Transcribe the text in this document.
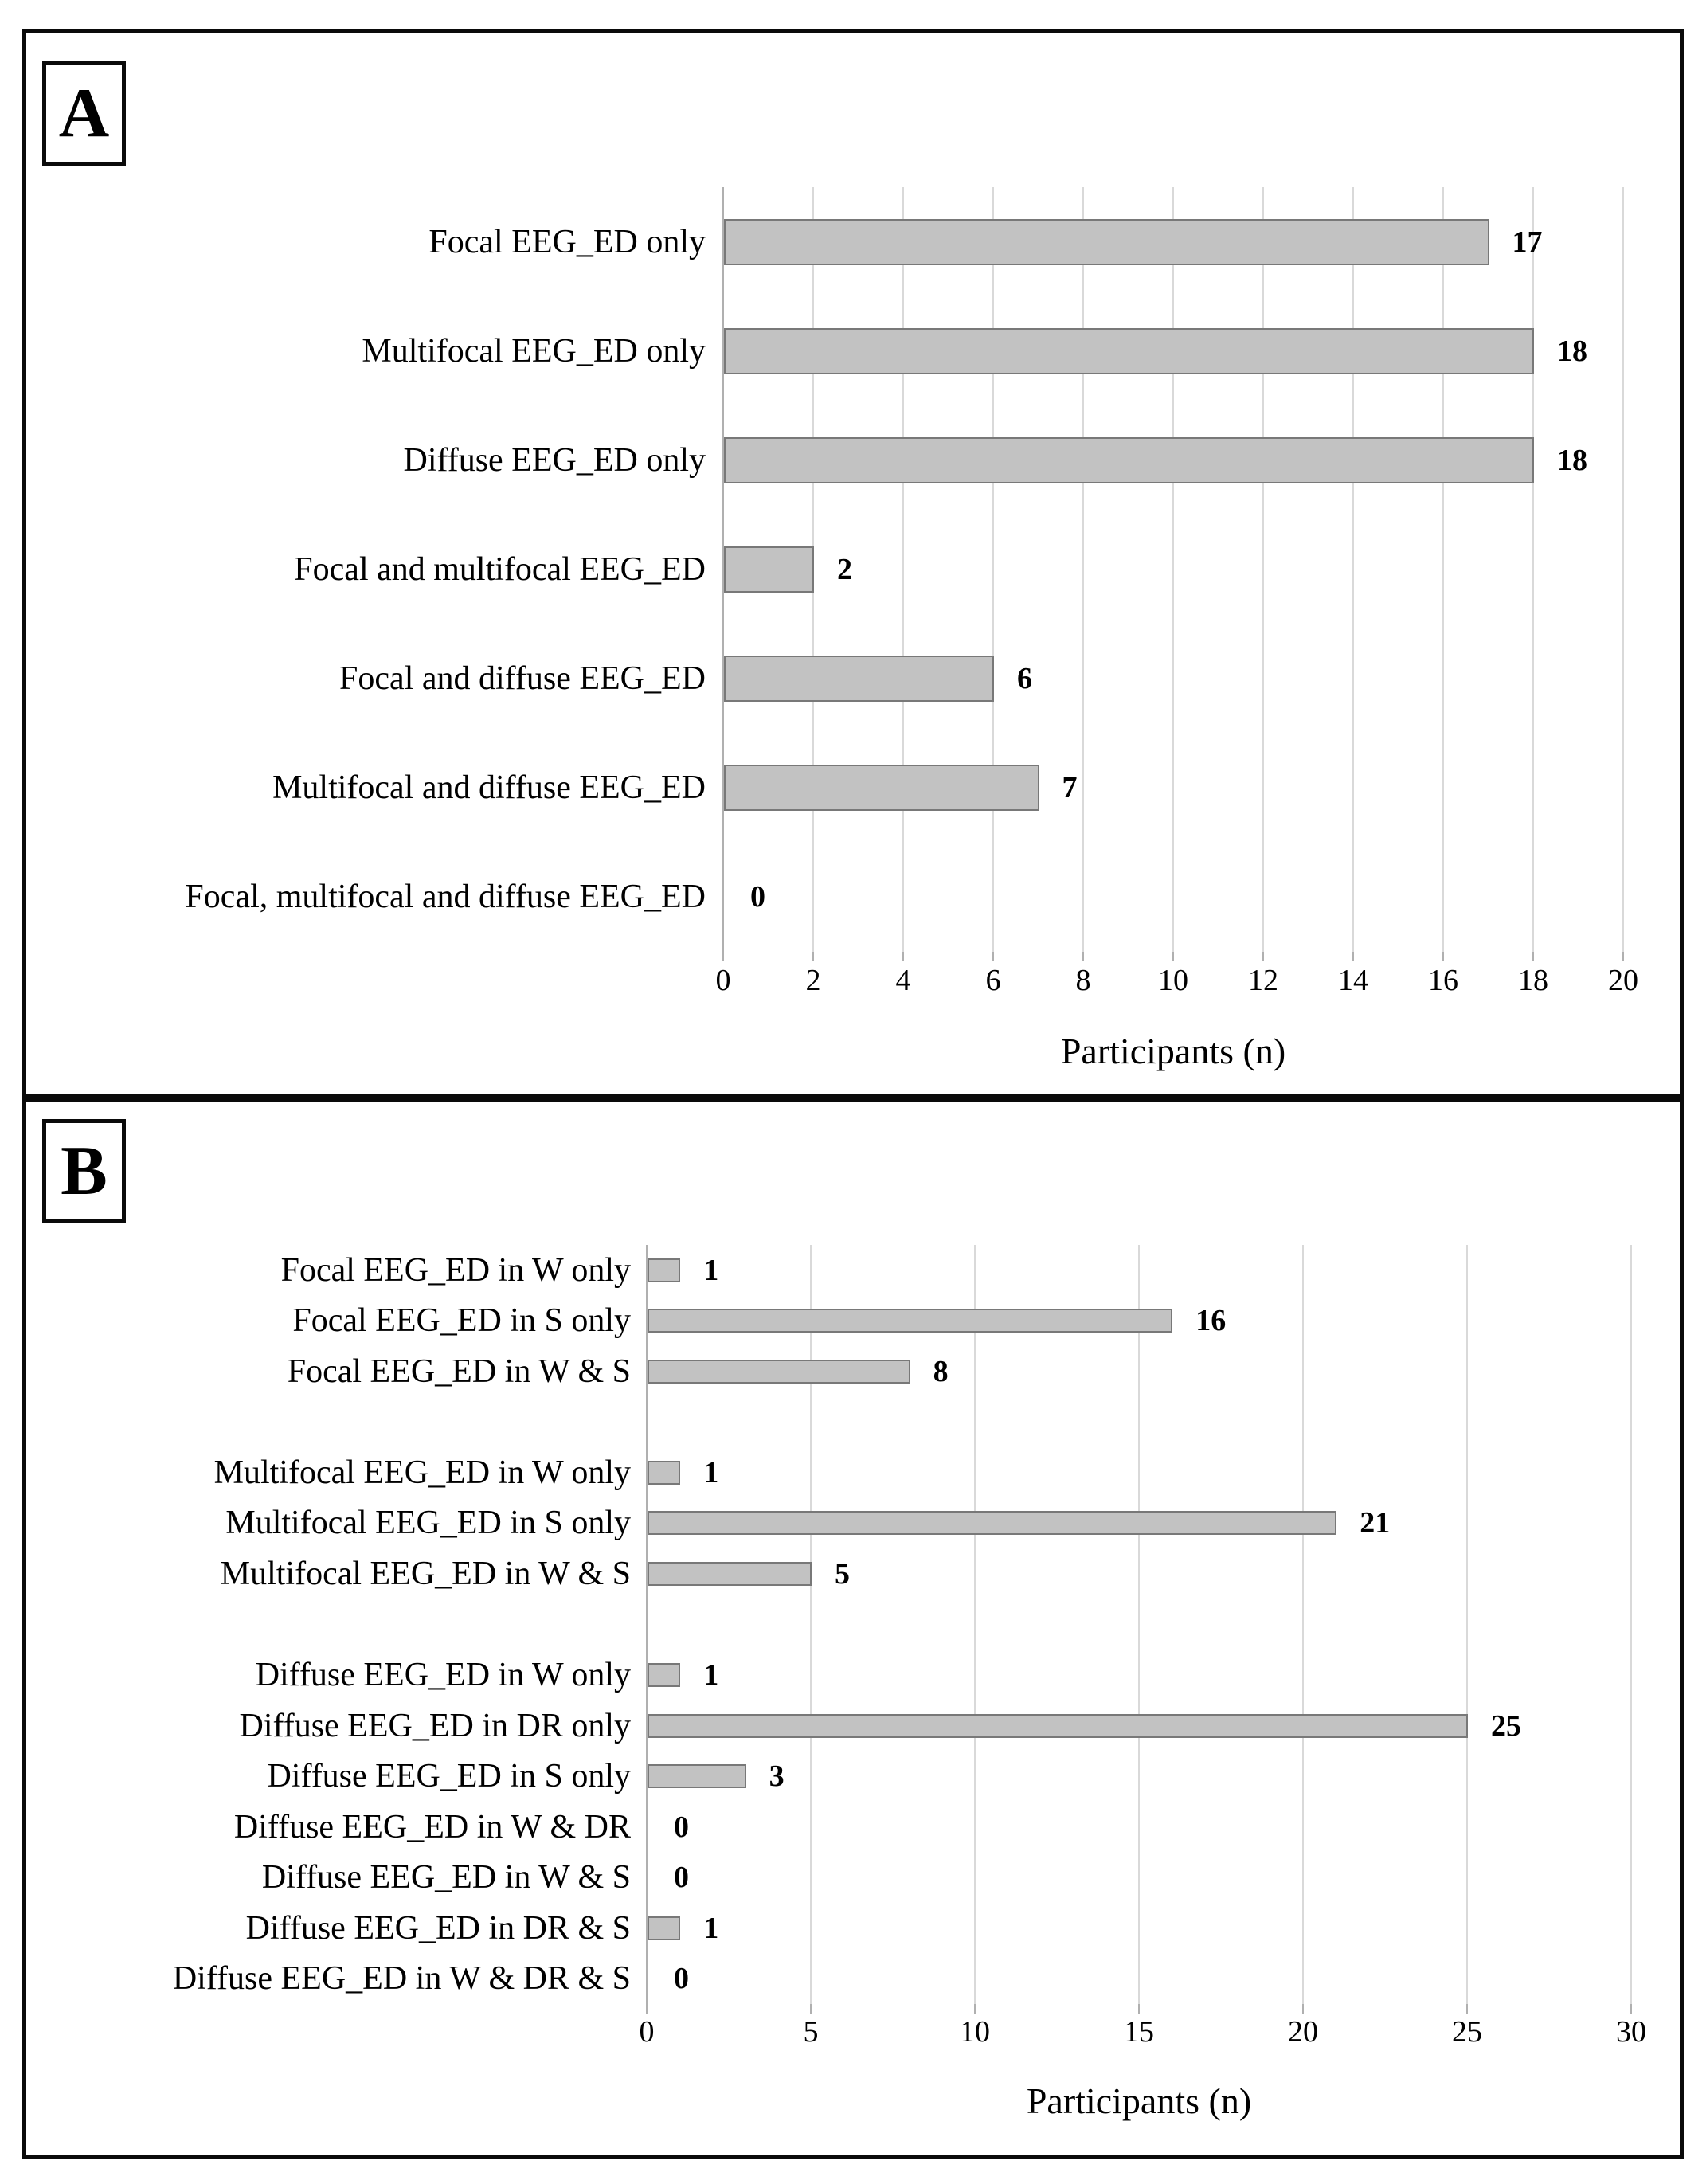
A
0	2	4	6	8	10	12	14	16	18	20
Focal EEG_ED only	17
Multifocal EEG_ED only	18
Diffuse EEG_ED only	18
Focal and multifocal EEG_ED	2
Focal and diffuse EEG_ED	6
Multifocal and diffuse EEG_ED	7
Focal, multifocal and diffuse EEG_ED 0
Participants (n)
B
0	5	10	15	20	25	30
Focal EEG_ED in W only 1
Focal EEG_ED in S only	16
Focal EEG_ED in W & S	8
Multifocal EEG_ED in W only 1
Multifocal EEG_ED in S only	21
Multifocal EEG_ED in W & S	5
Diffuse EEG_ED in W only 1
Diffuse EEG_ED in DR only	25
Diffuse EEG_ED in S only	3
Diffuse EEG_ED in W & DR 0
Diffuse EEG_ED in W & S 0
Diffuse EEG_ED in DR & S 1
Diffuse EEG_ED in W & DR & S 0
Participants (n)
